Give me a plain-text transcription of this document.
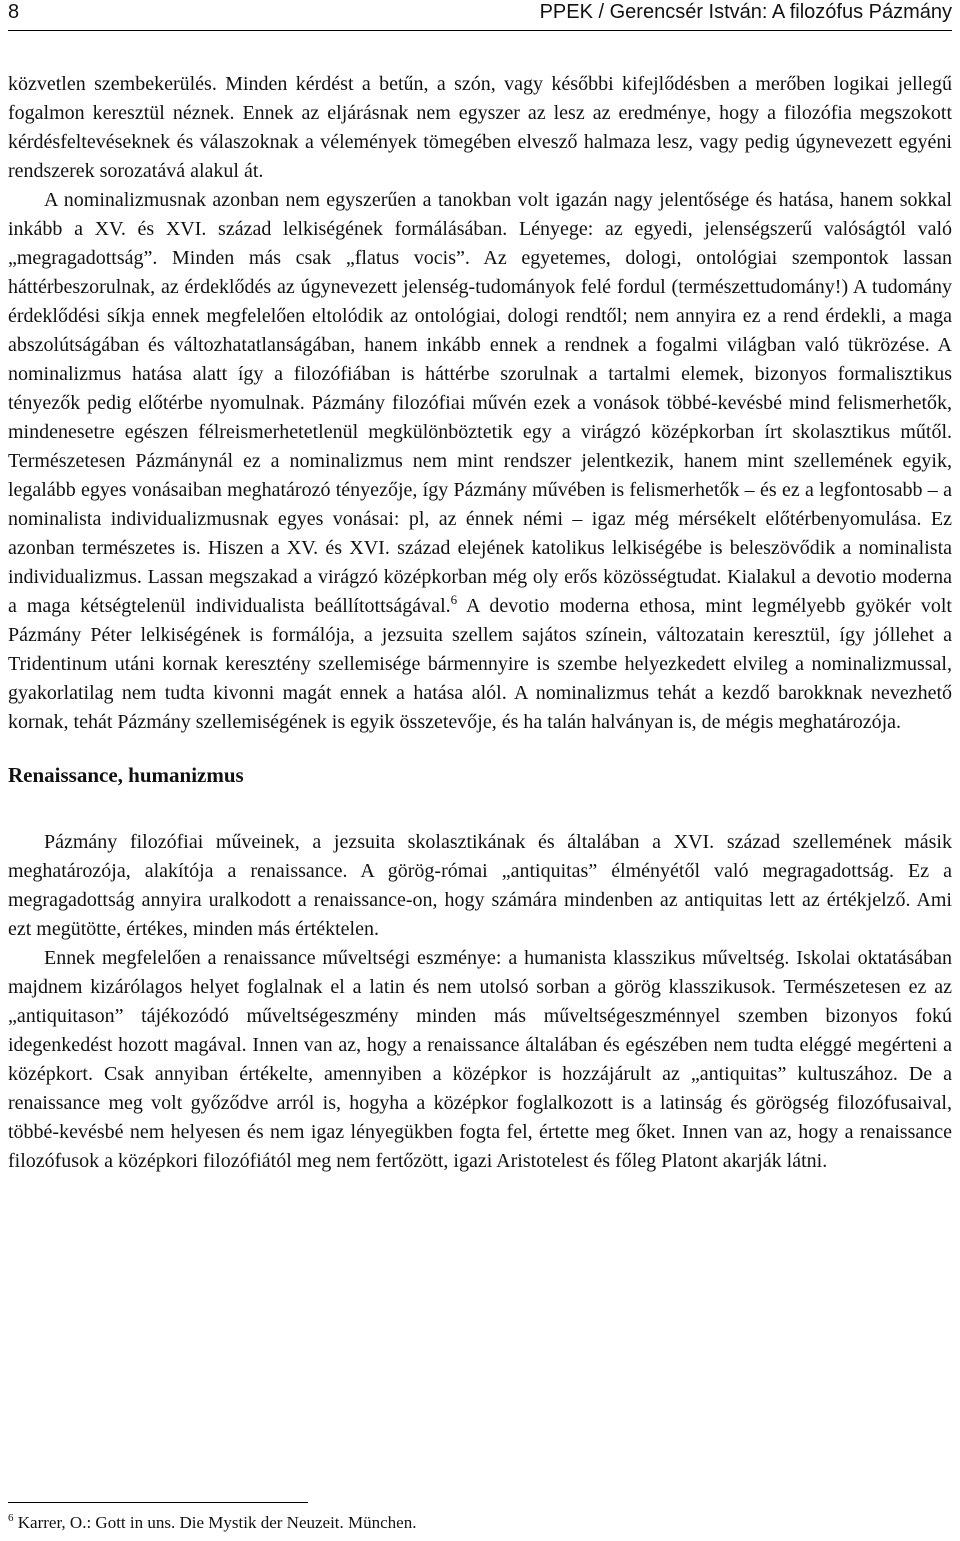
8	PPEK / Gerencsér István: A filozófus Pázmány

közvetlen szembekerülés. Minden kérdést a betűn, a szón, vagy későbbi kifejlődésben a merőben logikai jellegű fogalmon keresztül néznek. Ennek az eljárásnak nem egyszer az lesz az eredménye, hogy a filozófia megszokott kérdésfeltevéseknek és válaszoknak a vélemények tömegében elvesző halmaza lesz, vagy pedig úgynevezett egyéni rendszerek sorozatává alakul át.

A nominalizmusnak azonban nem egyszerűen a tanokban volt igazán nagy jelentősége és hatása, hanem sokkal inkább a XV. és XVI. század lelkiségének formálásában. Lényege: az egyedi, jelenségszerű valóságtól való „megragadottság”. Minden más csak „flatus vocis”. Az egyetemes, dologi, ontológiai szempontok lassan háttérbeszorulnak, az érdeklődés az úgynevezett jelenség-tudományok felé fordul (természettudomány!) A tudomány érdeklődési síkja ennek megfelelően eltolódik az ontológiai, dologi rendtől; nem annyira ez a rend érdekli, a maga abszolútságában és változhatatlanságában, hanem inkább ennek a rendnek a fogalmi világban való tükrözése. A nominalizmus hatása alatt így a filozófiában is háttérbe szorulnak a tartalmi elemek, bizonyos formalisztikus tényezők pedig előtérbe nyomulnak. Pázmány filozófiai művén ezek a vonások többé-kevésbé mind felismerhetők, mindenesetre egészen félreismerhetetlenül megkülönböztetik egy a virágzó középkorban írt skolasztikus műtől. Természetesen Pázmánynál ez a nominalizmus nem mint rendszer jelentkezik, hanem mint szellemének egyik, legalább egyes vonásaiban meghatározó tényezője, így Pázmány művében is felismerhetők – és ez a legfontosabb – a nominalista individualizmusnak egyes vonásai: pl, az énnek némi – igaz még mérsékelt előtérbenyomulása. Ez azonban természetes is. Hiszen a XV. és XVI. század elejének katolikus lelkiségébe is beleszövődik a nominalista individualizmus. Lassan megszakad a virágzó középkorban még oly erős közösségtudat. Kialakul a devotio moderna a maga kétségtelenül individualista beállítottságával.$^6$ A devotio moderna ethosa, mint legmélyebb gyökér volt Pázmány Péter lelkiségének is formálója, a jezsuita szellem sajátos színein, változatain keresztül, így jóllehet a Tridentinum utáni kornak keresztény szellemisége bármennyire is szembe helyezkedett elvileg a nominalizmussal, gyakorlatilag nem tudta kivonni magát ennek a hatása alól. A nominalizmus tehát a kezdő barokknak nevezhető kornak, tehát Pázmány szellemiségének is egyik összetevője, és ha talán halványan is, de mégis meghatározója.

Renaissance, humanizmus

Pázmány filozófiai műveinek, a jezsuita skolasztikának és általában a XVI. század szellemének másik meghatározója, alakítója a renaissance. A görög-római „antiquitas” élményétől való megragadottság. Ez a megragadottság annyira uralkodott a renaissance-on, hogy számára mindenben az antiquitas lett az értékjelző. Ami ezt megütötte, értékes, minden más értéktelen.

Ennek megfelelően a renaissance műveltségi eszménye: a humanista klasszikus műveltség. Iskolai oktatásában majdnem kizárólagos helyet foglalnak el a latin és nem utolsó sorban a görög klasszikusok. Természetesen ez az „antiquitason” tájékozódó műveltségeszmény minden más műveltségeszménnyel szemben bizonyos fokú idegenkedést hozott magával. Innen van az, hogy a renaissance általában és egészében nem tudta eléggé megérteni a középkort. Csak annyiban értékelte, amennyiben a középkor is hozzájárult az „antiquitas” kultuszához. De a renaissance meg volt győződve arról is, hogyha a középkor foglalkozott is a latinság és görögség filozófusaival, többé-kevésbé nem helyesen és nem igaz lényegükben fogta fel, értette meg őket. Innen van az, hogy a renaissance filozófusok a középkori filozófiától meg nem fertőzött, igazi Aristotelest és főleg Platont akarják látni.

$^6$ Karrer, O.: Gott in uns. Die Mystik der Neuzeit. München.
